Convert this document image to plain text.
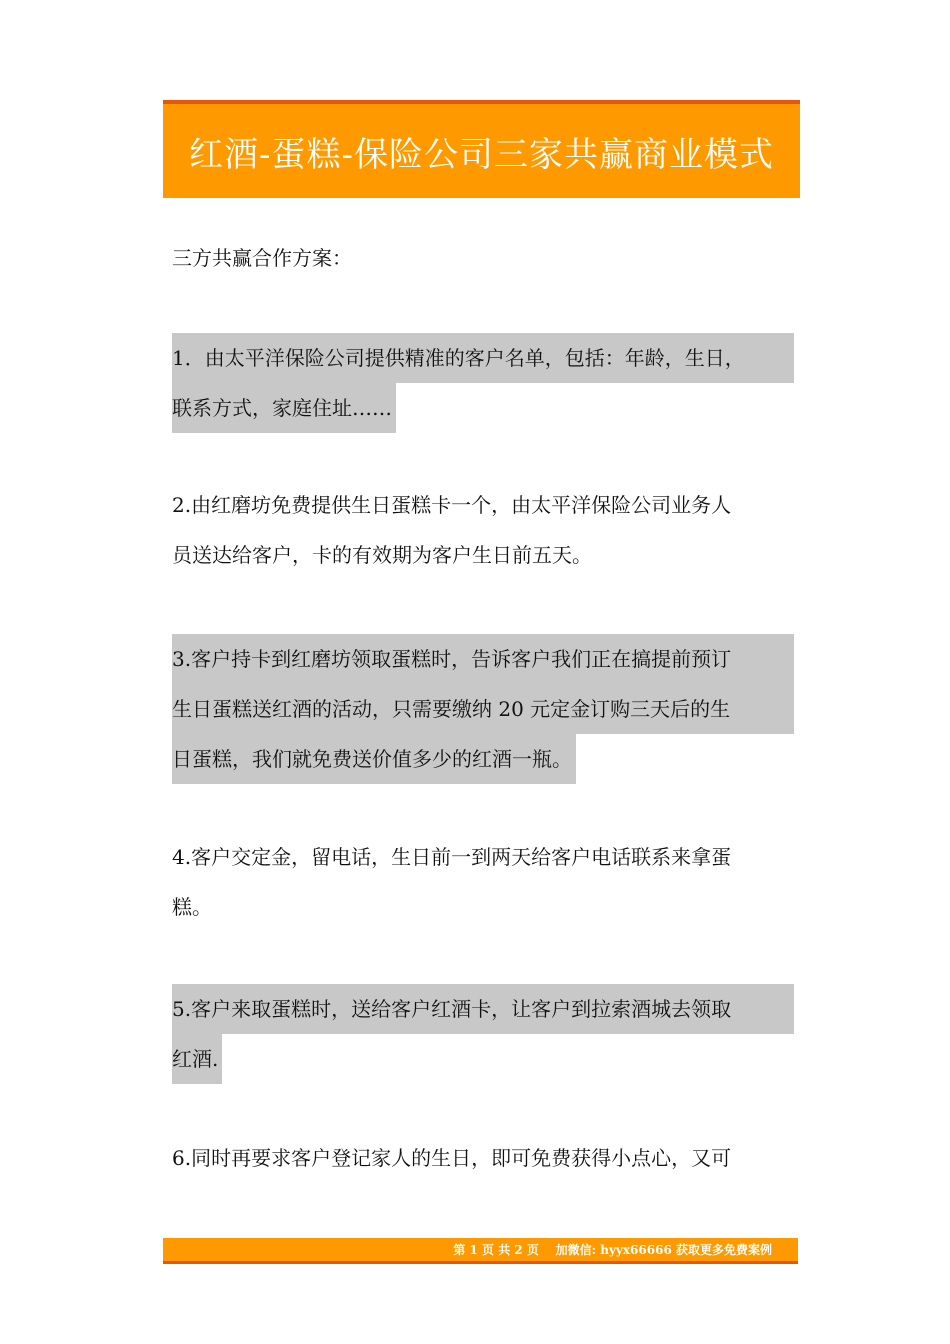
红酒-蛋糕-保险公司三家共赢商业模式
三方共赢合作方案：
1．由太平洋保险公司提供精准的客户名单，包括：年龄，生日，
联系方式，家庭住址……
2.由红磨坊免费提供生日蛋糕卡一个，由太平洋保险公司业务人
员送达给客户，卡的有效期为客户生日前五天。
3.客户持卡到红磨坊领取蛋糕时，告诉客户我们正在搞提前预订
生日蛋糕送红酒的活动，只需要缴纳 20 元定金订购三天后的生
日蛋糕，我们就免费送价值多少的红酒一瓶。
4.客户交定金，留电话，生日前一到两天给客户电话联系来拿蛋
糕。
5.客户来取蛋糕时，送给客户红酒卡，让客户到拉索酒城去领取
红酒.
6.同时再要求客户登记家人的生日，即可免费获得小点心，又可
第 1 页 共 2 页    加微信: hyyx66666 获取更多免费案例
